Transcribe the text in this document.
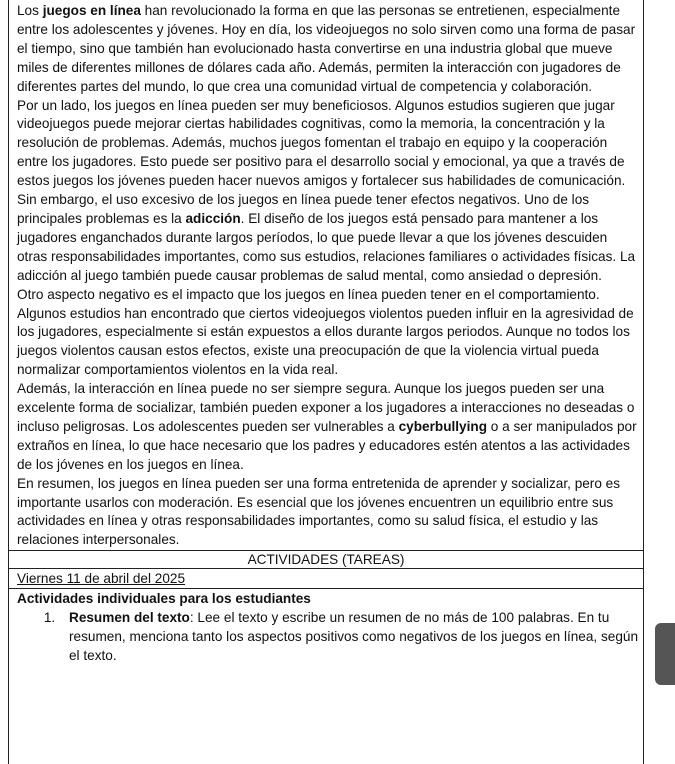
Los juegos en línea han revolucionado la forma en que las personas se entretienen, especialmente entre los adolescentes y jóvenes. Hoy en día, los videojuegos no solo sirven como una forma de pasar el tiempo, sino que también han evolucionado hasta convertirse en una industria global que mueve miles de diferentes millones de dólares cada año. Además, permiten la interacción con jugadores de diferentes partes del mundo, lo que crea una comunidad virtual de competencia y colaboración.

Por un lado, los juegos en línea pueden ser muy beneficiosos. Algunos estudios sugieren que jugar videojuegos puede mejorar ciertas habilidades cognitivas, como la memoria, la concentración y la resolución de problemas. Además, muchos juegos fomentan el trabajo en equipo y la cooperación entre los jugadores. Esto puede ser positivo para el desarrollo social y emocional, ya que a través de estos juegos los jóvenes pueden hacer nuevos amigos y fortalecer sus habilidades de comunicación.

Sin embargo, el uso excesivo de los juegos en línea puede tener efectos negativos. Uno de los principales problemas es la adicción. El diseño de los juegos está pensado para mantener a los jugadores enganchados durante largos períodos, lo que puede llevar a que los jóvenes descuiden otras responsabilidades importantes, como sus estudios, relaciones familiares o actividades físicas. La adicción al juego también puede causar problemas de salud mental, como ansiedad o depresión.

Otro aspecto negativo es el impacto que los juegos en línea pueden tener en el comportamiento. Algunos estudios han encontrado que ciertos videojuegos violentos pueden influir en la agresividad de los jugadores, especialmente si están expuestos a ellos durante largos periodos. Aunque no todos los juegos violentos causan estos efectos, existe una preocupación de que la violencia virtual pueda normalizar comportamientos violentos en la vida real.

Además, la interacción en línea puede no ser siempre segura. Aunque los juegos pueden ser una excelente forma de socializar, también pueden exponer a los jugadores a interacciones no deseadas o incluso peligrosas. Los adolescentes pueden ser vulnerables a cyberbullying o a ser manipulados por extraños en línea, lo que hace necesario que los padres y educadores estén atentos a las actividades de los jóvenes en los juegos en línea.

En resumen, los juegos en línea pueden ser una forma entretenida de aprender y socializar, pero es importante usarlos con moderación. Es esencial que los jóvenes encuentren un equilibrio entre sus actividades en línea y otras responsabilidades importantes, como su salud física, el estudio y las relaciones interpersonales.

ACTIVIDADES (TAREAS)
Viernes 11 de abril del 2025
Actividades individuales para los estudiantes
1. Resumen del texto: Lee el texto y escribe un resumen de no más de 100 palabras. En tu resumen, menciona tanto los aspectos positivos como negativos de los juegos en línea, según el texto.
